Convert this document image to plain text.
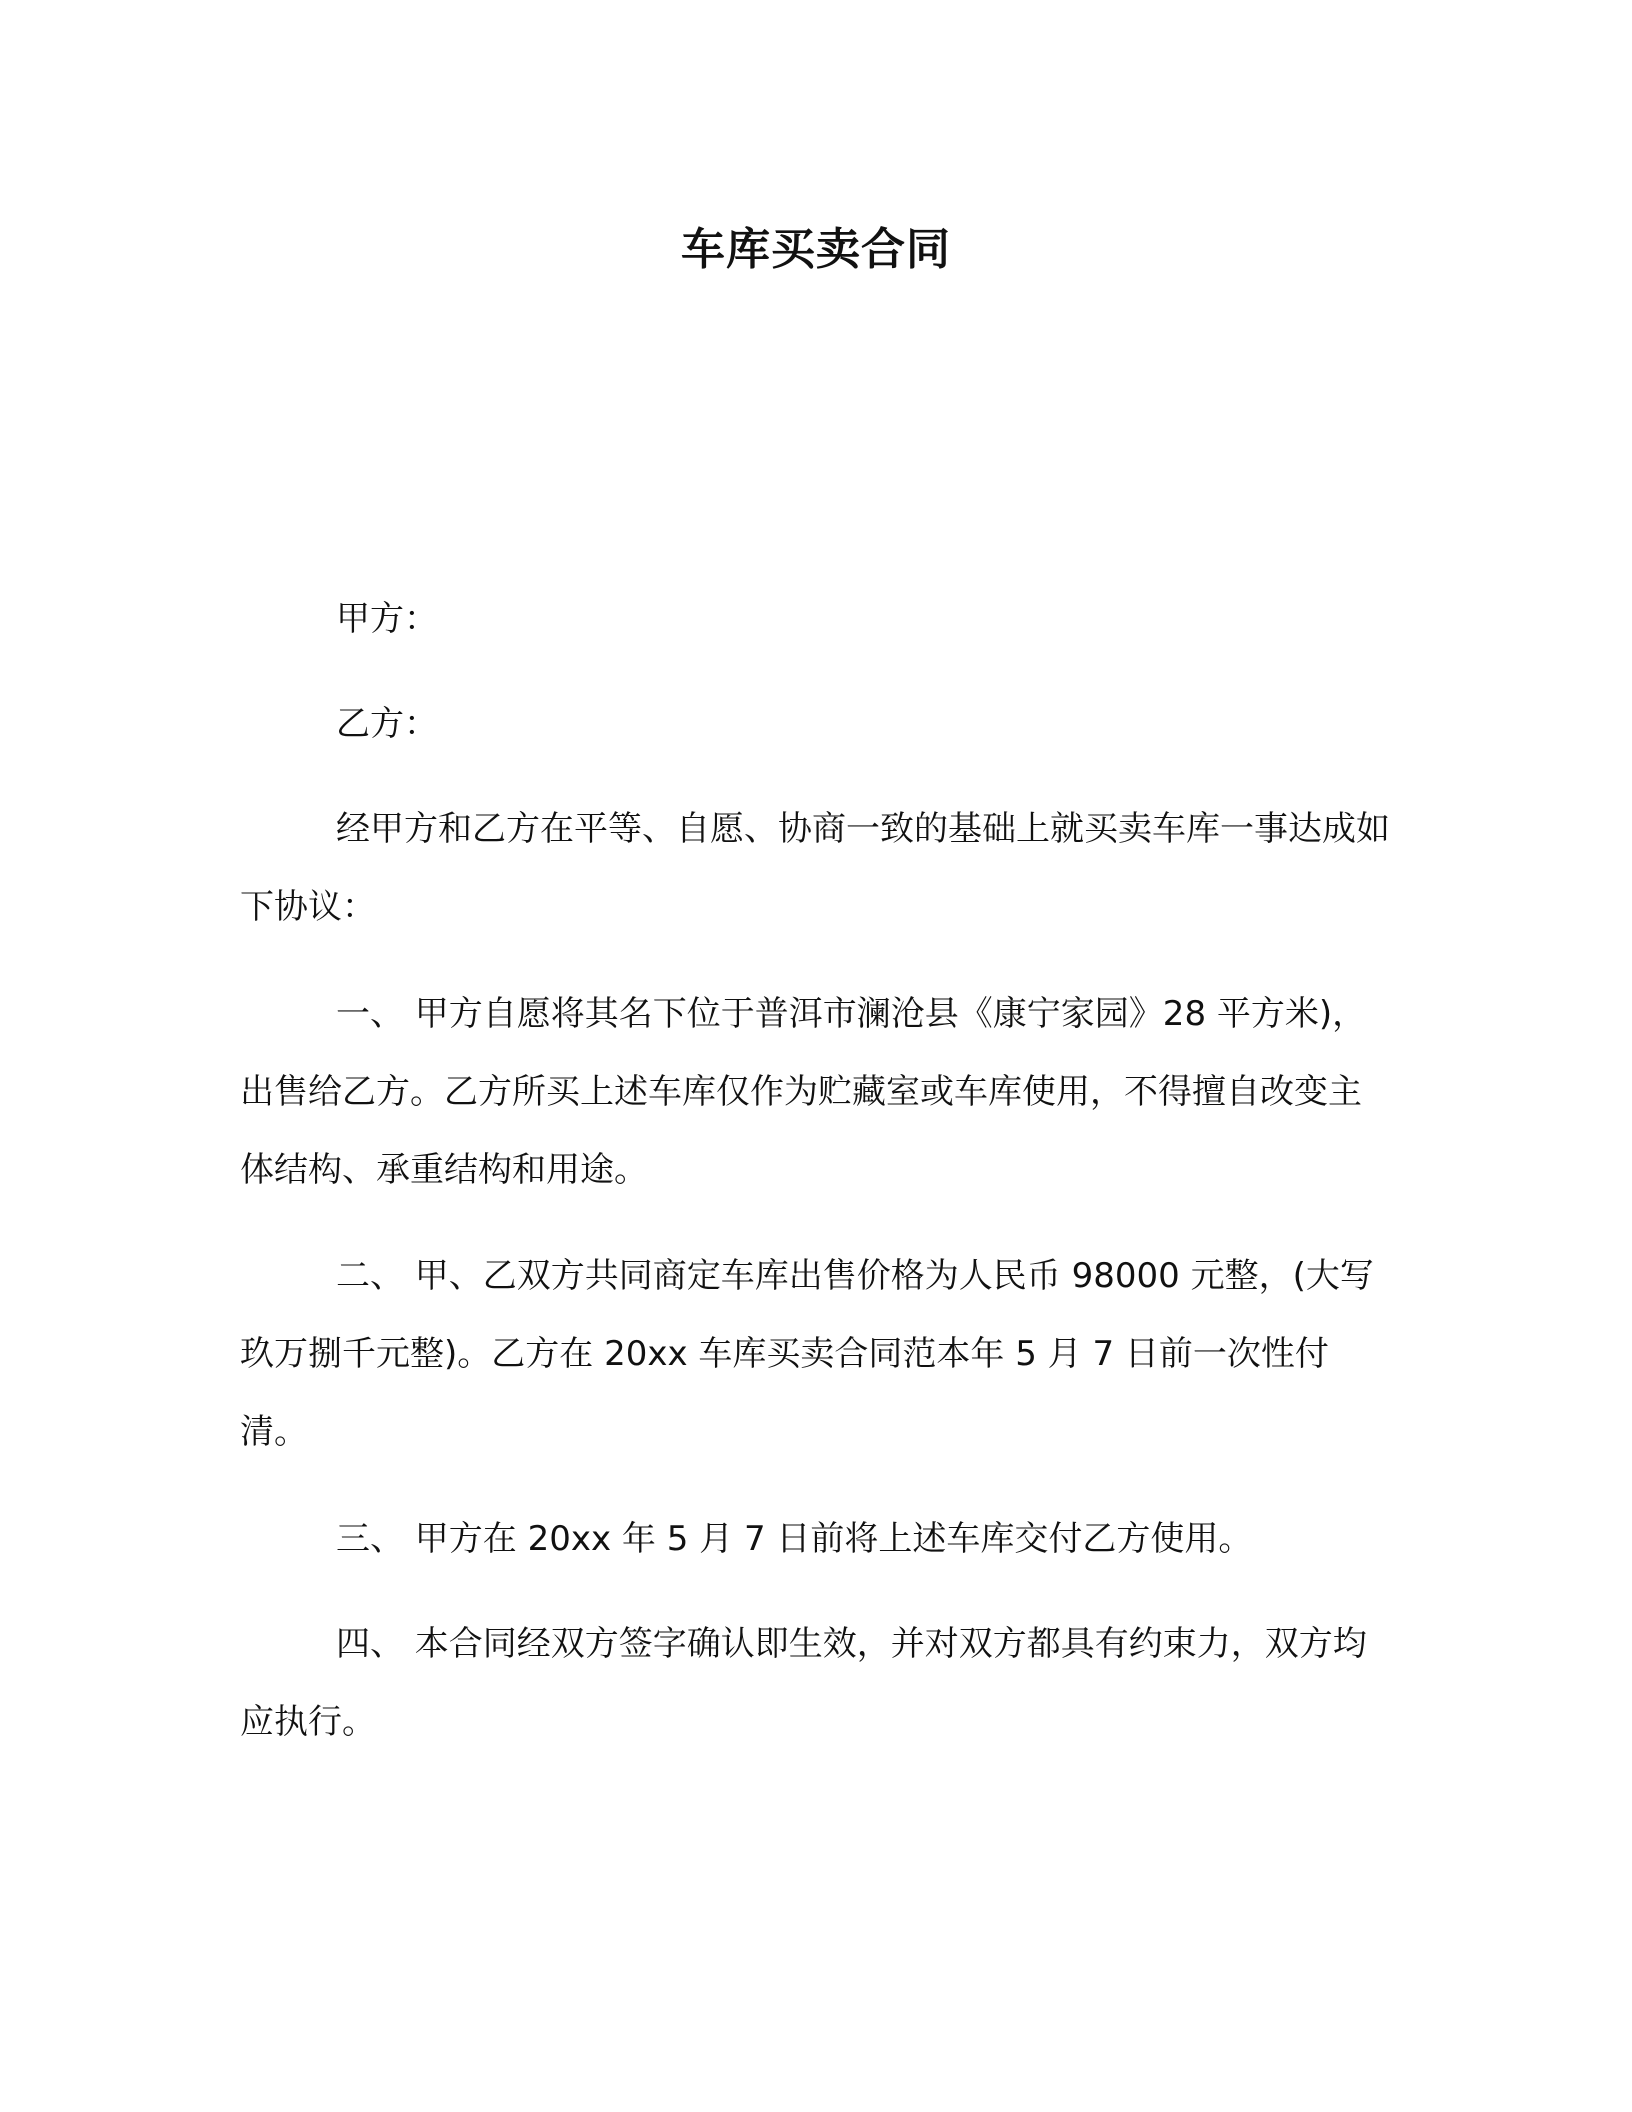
车库买卖合同
甲方：
乙方：
经甲方和乙方在平等、自愿、协商一致的基础上就买卖车库一事达成如下协议：
一、 甲方自愿将其名下位于普洱市澜沧县《康宁家园》28 平方米)，出售给乙方。乙方所买上述车库仅作为贮藏室或车库使用，不得擅自改变主体结构、承重结构和用途。
二、 甲、乙双方共同商定车库出售价格为人民币 98000 元整，(大写玖万捌千元整)。乙方在 20xx 车库买卖合同范本年 5 月 7 日前一次性付清。
三、 甲方在 20xx 年 5 月 7 日前将上述车库交付乙方使用。
四、 本合同经双方签字确认即生效，并对双方都具有约束力，双方均应执行。
